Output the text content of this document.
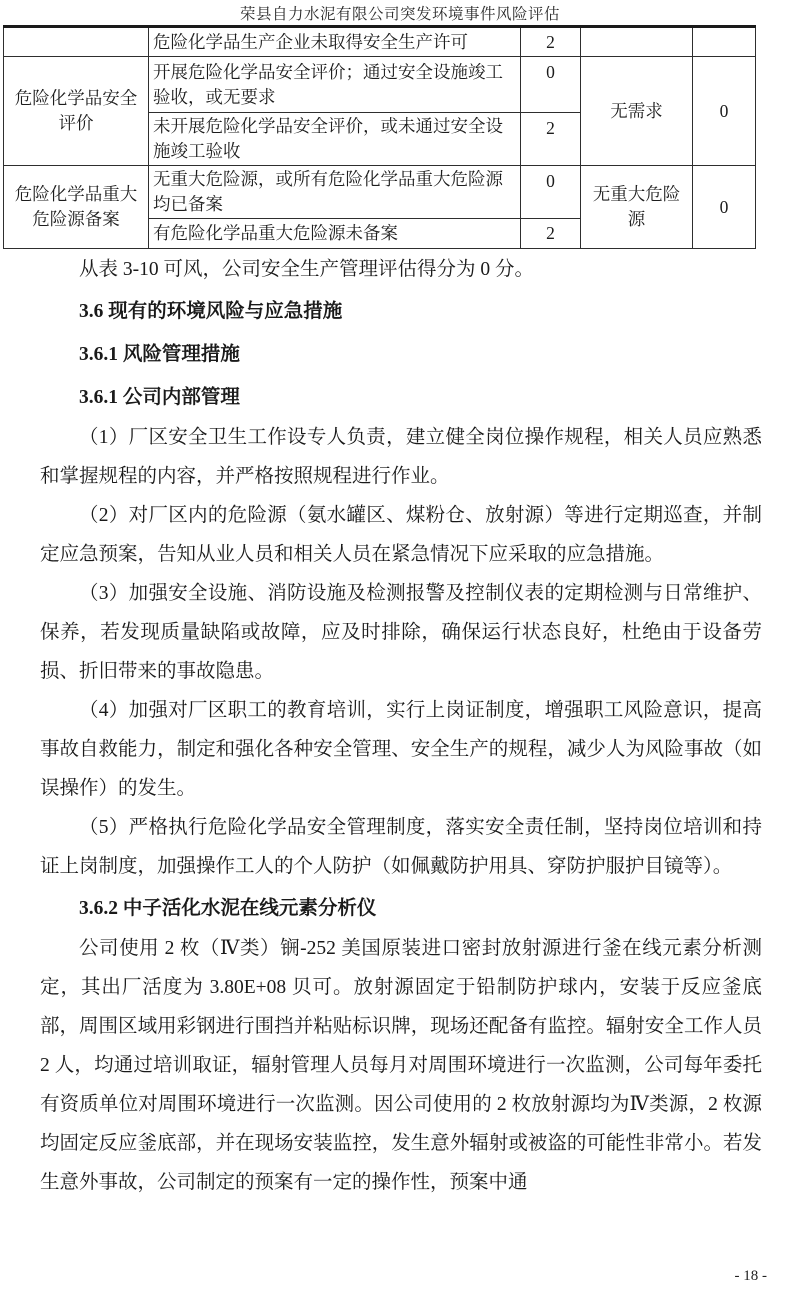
荣县自力水泥有限公司突发环境事件风险评估
	危险化学品生产企业未取得安全生产许可	2		
危险化学品安全评价	开展危险化学品安全评价；通过安全设施竣工验收，或无要求	0	无需求	0
	未开展危险化学品安全评价，或未通过安全设施竣工验收	2		
危险化学品重大危险源备案	无重大危险源，或所有危险化学品重大危险源均已备案	0	无重大危险源	0
	有危险化学品重大危险源未备案	2		

从表 3-10 可风，公司安全生产管理评估得分为 0 分。

3.6 现有的环境风险与应急措施

3.6.1 风险管理措施

3.6.1 公司内部管理

（1）厂区安全卫生工作设专人负责，建立健全岗位操作规程，相关人员应熟悉和掌握规程的内容，并严格按照规程进行作业。

（2）对厂区内的危险源（氨水罐区、煤粉仓、放射源）等进行定期巡查，并制定应急预案，告知从业人员和相关人员在紧急情况下应采取的应急措施。

（3）加强安全设施、消防设施及检测报警及控制仪表的定期检测与日常维护、保养，若发现质量缺陷或故障，应及时排除，确保运行状态良好，杜绝由于设备劳损、折旧带来的事故隐患。

（4）加强对厂区职工的教育培训，实行上岗证制度，增强职工风险意识，提高事故自救能力，制定和强化各种安全管理、安全生产的规程，减少人为风险事故（如误操作）的发生。

（5）严格执行危险化学品安全管理制度，落实安全责任制，坚持岗位培训和持证上岗制度，加强操作工人的个人防护（如佩戴防护用具、穿防护服护目镜等）。

3.6.2 中子活化水泥在线元素分析仪

公司使用 2 枚（Ⅳ类）锎-252 美国原装进口密封放射源进行釜在线元素分析测定，其出厂活度为 3.80E+08 贝可。放射源固定于铅制防护球内，安装于反应釜底部，周围区域用彩钢进行围挡并粘贴标识牌，现场还配备有监控。辐射安全工作人员 2 人，均通过培训取证，辐射管理人员每月对周围环境进行一次监测，公司每年委托有资质单位对周围环境进行一次监测。因公司使用的 2 枚放射源均为Ⅳ类源，2 枚源均固定反应釜底部，并在现场安装监控，发生意外辐射或被盗的可能性非常小。若发生意外事故，公司制定的预案有一定的操作性，预案中通

- 18 -
